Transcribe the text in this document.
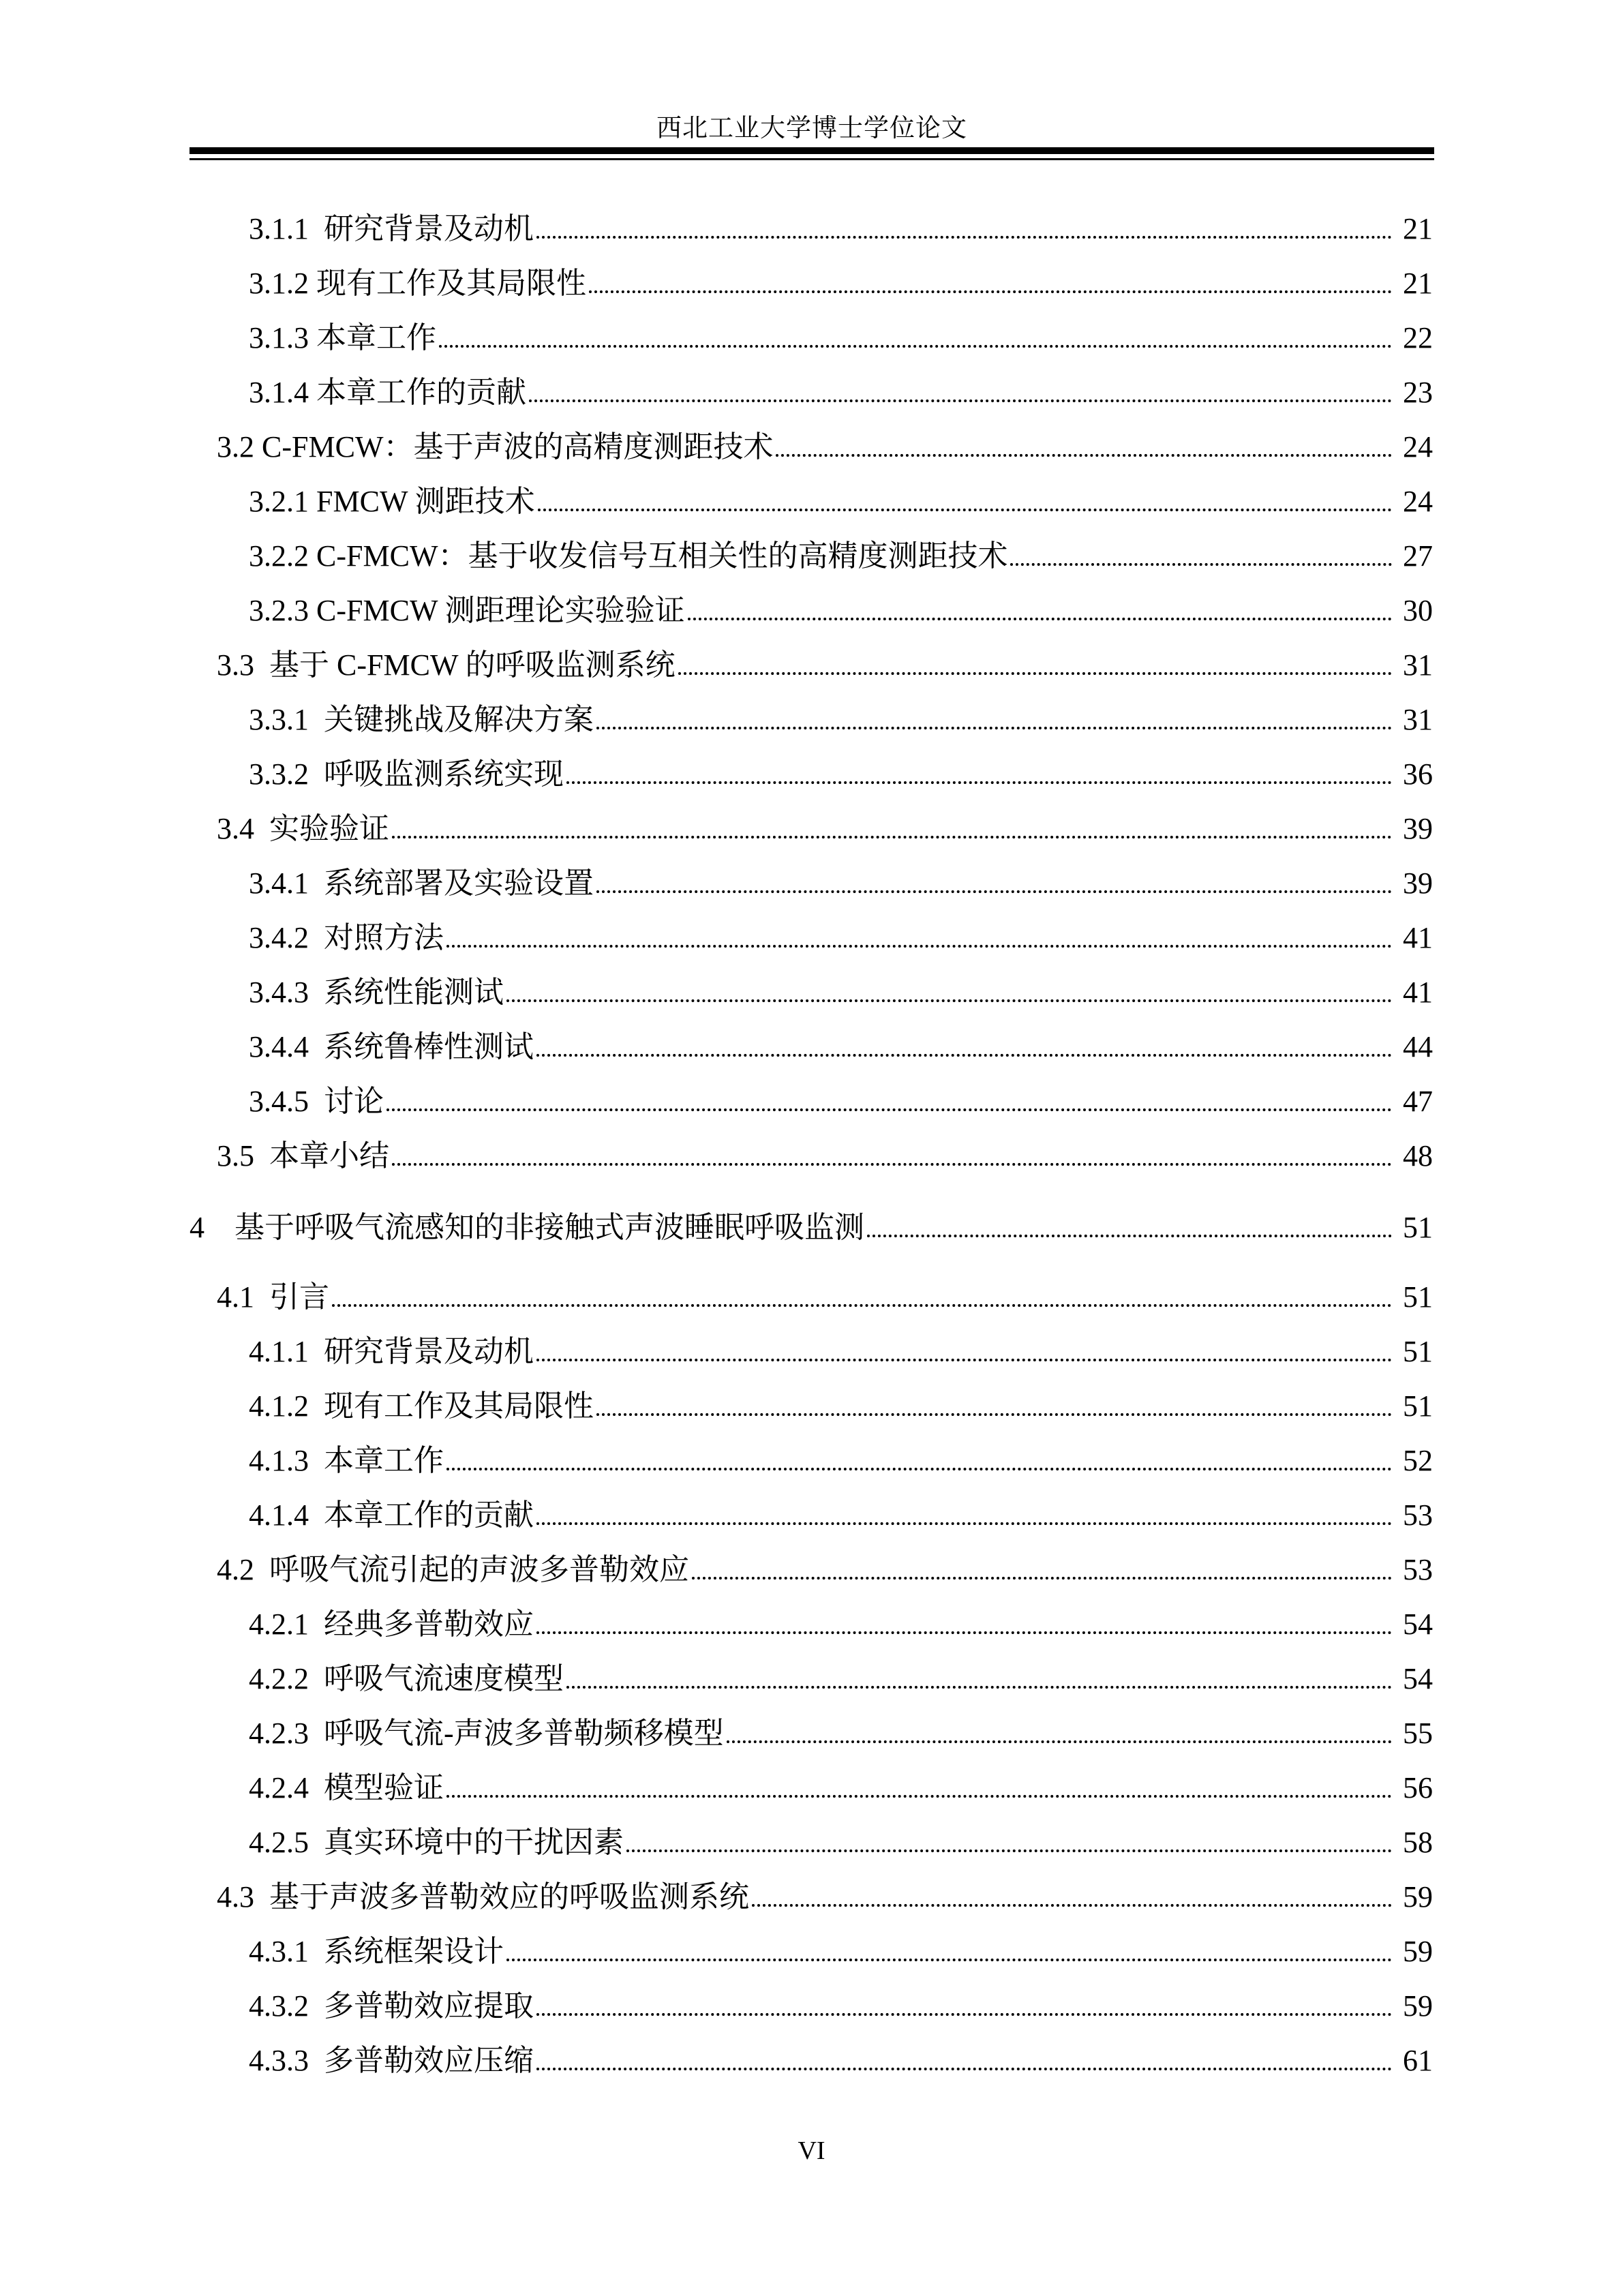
西北工业大学博士学位论文
3.1.1  研究背景及动机	21
3.1.2 现有工作及其局限性	21
3.1.3 本章工作	22
3.1.4 本章工作的贡献	23
3.2 C-FMCW：基于声波的高精度测距技术	24
3.2.1 FMCW 测距技术	24
3.2.2 C-FMCW：基于收发信号互相关性的高精度测距技术	27
3.2.3 C-FMCW 测距理论实验验证	30
3.3  基于 C-FMCW 的呼吸监测系统	31
3.3.1  关键挑战及解决方案	31
3.3.2  呼吸监测系统实现	36
3.4  实验验证	39
3.4.1  系统部署及实验设置	39
3.4.2  对照方法	41
3.4.3  系统性能测试	41
3.4.4  系统鲁棒性测试	44
3.4.5  讨论	47
3.5  本章小结	48
4    基于呼吸气流感知的非接触式声波睡眠呼吸监测	51
4.1  引言	51
4.1.1  研究背景及动机	51
4.1.2  现有工作及其局限性	51
4.1.3  本章工作	52
4.1.4  本章工作的贡献	53
4.2  呼吸气流引起的声波多普勒效应	53
4.2.1  经典多普勒效应	54
4.2.2  呼吸气流速度模型	54
4.2.3  呼吸气流-声波多普勒频移模型	55
4.2.4  模型验证	56
4.2.5  真实环境中的干扰因素	58
4.3  基于声波多普勒效应的呼吸监测系统	59
4.3.1  系统框架设计	59
4.3.2  多普勒效应提取	59
4.3.3  多普勒效应压缩	61
VI
